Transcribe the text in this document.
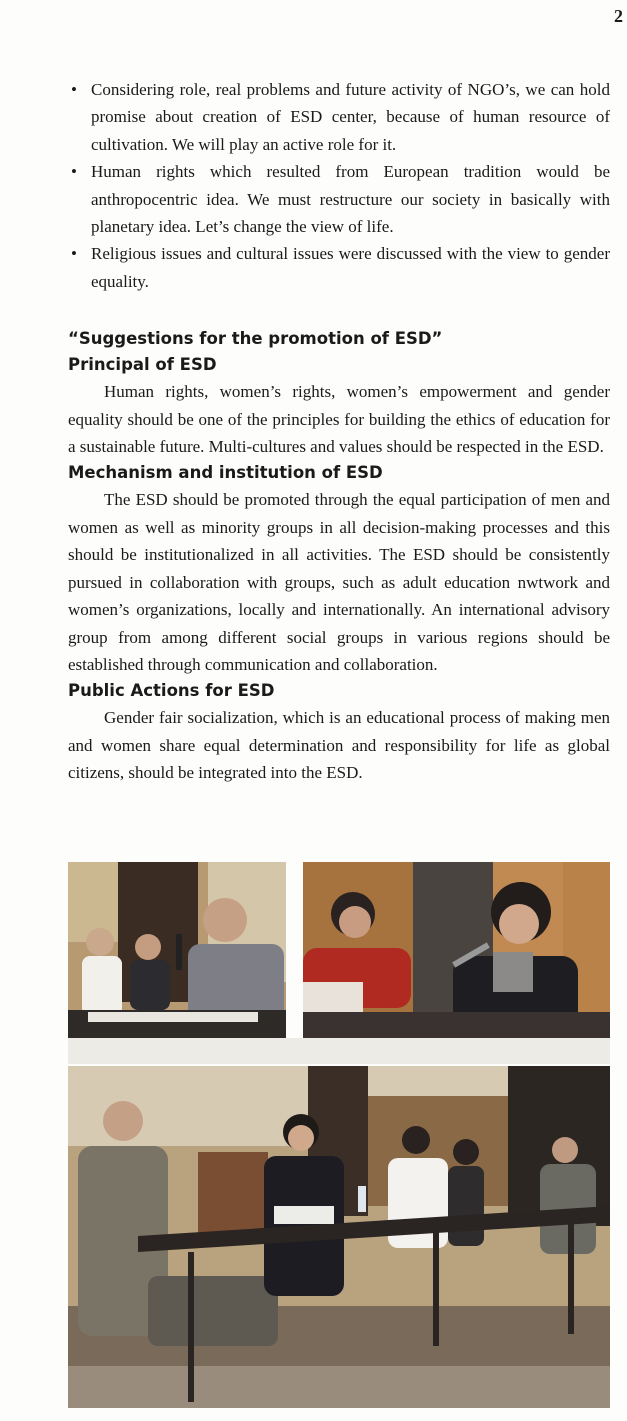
2
• Considering role, real problems and future activity of NGO’s, we can hold promise about creation of ESD center, because of human resource of cultivation. We will play an active role for it.
• Human rights which resulted from European tradition would be anthropocentric idea. We must restructure our society in basically with planetary idea. Let’s change the view of life.
• Religious issues and cultural issues were discussed with the view to gender equality.
“Suggestions for the promotion of ESD”
Principal of ESD

Human rights, women’s rights, women’s empowerment and gender equality should be one of the principles for building the ethics of education for a sustainable future. Multi-cultures and values should be respected in the ESD.

Mechanism and institution of ESD

The ESD should be promoted through the equal participation of men and women as well as minority groups in all decision-making processes and this should be institutionalized in all activities. The ESD should be consistently pursued in collaboration with groups, such as adult education nwtwork and women’s organizations, locally and internationally. An international advisory group from among different social groups in various regions should be established through communication and collaboration.

Public Actions for ESD

Gender fair socialization, which is an educational process of making men and women share equal determination and responsibility for life as global citizens, should be integrated into the ESD.
